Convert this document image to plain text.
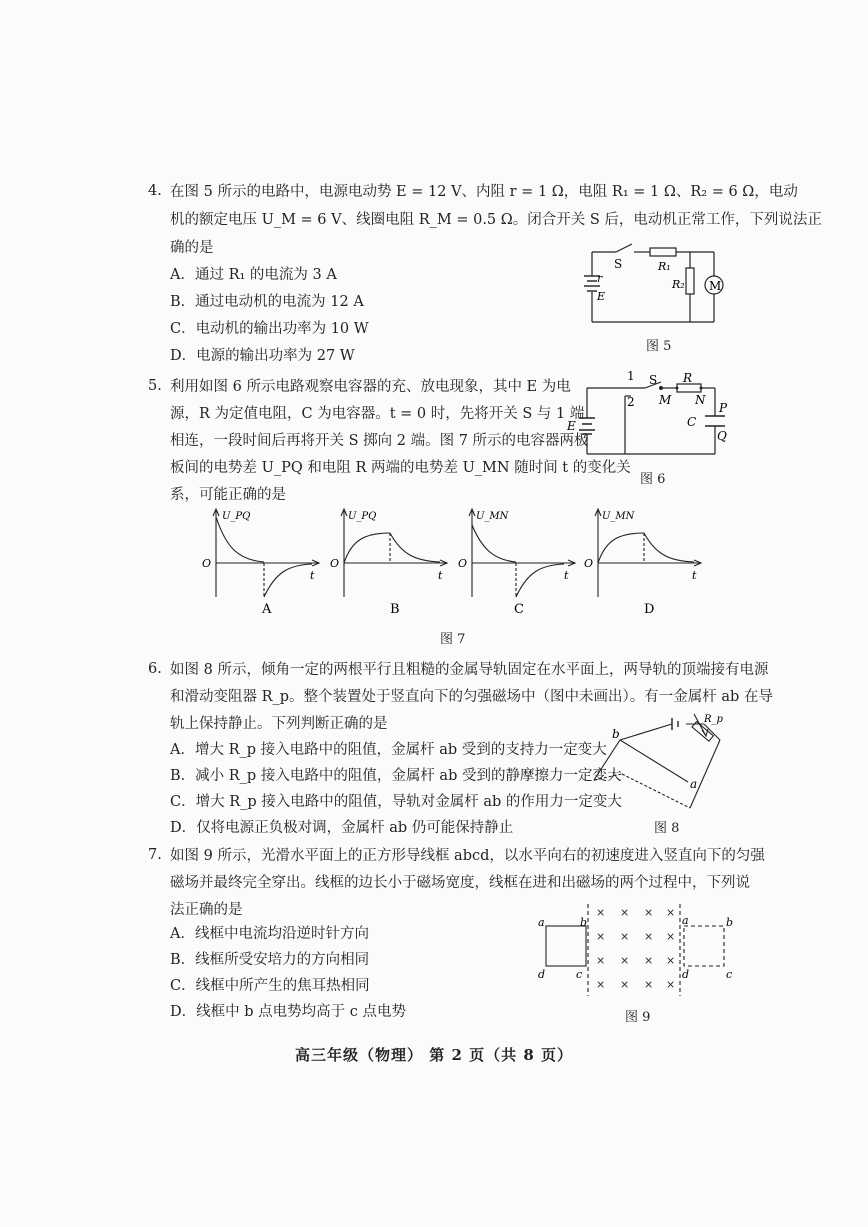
4. 在图 5 所示的电路中，电源电动势 E = 12 V、内阻 r = 1 Ω，电阻 R₁ = 1 Ω、R₂ = 6 Ω，电动
机的额定电压 U_M = 6 V、线圈电阻 R_M = 0.5 Ω。闭合开关 S 后，电动机正常工作，下列说法正
确的是
A．通过 R₁ 的电流为 3 A
B．通过电动机的电流为 12 A
C．电动机的输出功率为 10 W
D．电源的输出功率为 27 W
S	R₁
R₂ M
r
E
图 5
5. 利用如图 6 所示电路观察电容器的充、放电现象，其中 E 为电
源，R 为定值电阻，C 为电容器。t = 0 时，先将开关 S 与 1 端
相连，一段时间后再将开关 S 掷向 2 端。图 7 所示的电容器两极
板间的电势差 U_PQ 和电阻 R 两端的电势差 U_MN 随时间 t 的变化关
系，可能正确的是
1
2
S R
M N
C
P
Q
E
图 6
U_PQ
O
t
A
U_PQ
O
t
B
U_MN
O
t
C
U_MN
O
t
D
图 7
6. 如图 8 所示，倾角一定的两根平行且粗糙的金属导轨固定在水平面上，两导轨的顶端接有电源
和滑动变阻器 R_p。整个装置处于竖直向下的匀强磁场中（图中未画出）。有一金属杆 ab 在导
轨上保持静止。下列判断正确的是
A．增大 R_p 接入电路中的阻值，金属杆 ab 受到的支持力一定变大
B．减小 R_p 接入电路中的阻值，金属杆 ab 受到的静摩擦力一定变大
C．增大 R_p 接入电路中的阻值，导轨对金属杆 ab 的作用力一定变大
D．仅将电源正负极对调，金属杆 ab 仍可能保持静止
b
a
R_p
图 8
7. 如图 9 所示，光滑水平面上的正方形导线框 abcd，以水平向右的初速度进入竖直向下的匀强
磁场并最终完全穿出。线框的边长小于磁场宽度，线框在进和出磁场的两个过程中，下列说
法正确的是
A．线框中电流均沿逆时针方向
B．线框所受安培力的方向相同
C．线框中所产生的焦耳热相同
D．线框中 b 点电势均高于 c 点电势
× × × ×
× × × ×
× × × ×
× × × ×
a	b
c
d
a	b
c
d
图 9
高三年级（物理） 第 2 页（共 8 页）
